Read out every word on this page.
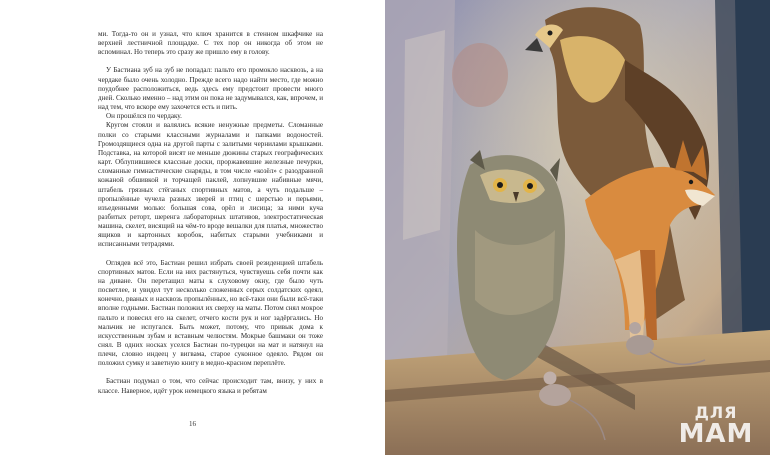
ми. Тогда-то он и узнал, что ключ хранится в стенном шкафчике на верхней лестничной площадке. С тех пор он никогда об этом не вспоминал. Но теперь это сразу же пришло ему в голову.

У Бастиана зуб на зуб не попадал: пальто его промокло насквозь, а на чердаке было очень холодно. Прежде всего надо найти место, где можно поудобнее расположиться, ведь здесь ему предстоит провести много дней. Сколько именно – над этим он пока не задумывался, как, впрочем, и над тем, что вскоре ему захочется есть и пить.

Он прошёлся по чердаку.

Кругом стояли и валялись всякие ненужные предметы. Сломанные полки со старыми классными журналами и папками водоностей. Громоздящиеся одна на другой парты с залитыми чернилами крышками. Подставка, на которой висят не меньше дюжины старых географических карт. Облупившиеся классные доски, проржавевшие железные печурки, сломанные гимнастические снаряды, в том числе «козёл» с разодранной кожаной обшивкой и торчащей паклей, лопнувшие набивные мячи, штабель грязных стёганых спортивных матов, а чуть подальше – пропылённые чучела разных зверей и птиц с шерстью и перьями, изъеденными молью: большая сова, орёл и лисица; за ними куча разбитых реторт, шеренга лабораторных штативов, электростатическая машина, скелет, висящий на чём-то вроде вешалки для платья, множество ящиков и картонных коробок, набитых старыми учебниками и исписанными тетрадями.

Оглядев всё это, Бастиан решил избрать своей резиденцией штабель спортивных матов. Если на них растянуться, чувствуешь себя почти как на диване. Он перетащил маты к слуховому окну, где было чуть посветлее, и увидел тут несколько сложенных серых солдатских одеял, конечно, рваных и насквозь пропылённых, но всё-таки они были всё-таки вполне годными. Бастиан положил их сверху на маты. Потом снял мокрое пальто и повесил его на скелет, отчего кости рук и ног задёргались. Но мальчик не испугался. Быть может, потому, что привык дома к искусственным зубам и вставным челюстям. Мокрые башмаки он тоже снял. В одних носках уселся Бастиан по-турецки на мат и натянул на плечи, словно индеец у вигвама, старое суконное одеяло. Рядом он положил сумку и заветную книгу в медно-красном переплёте.

Бастиан подумал о том, что сейчас происходит там, внизу, у них в классе. Наверное, идёт урок немецкого языка и ребятам

16
ДЛЯ
МАМ
